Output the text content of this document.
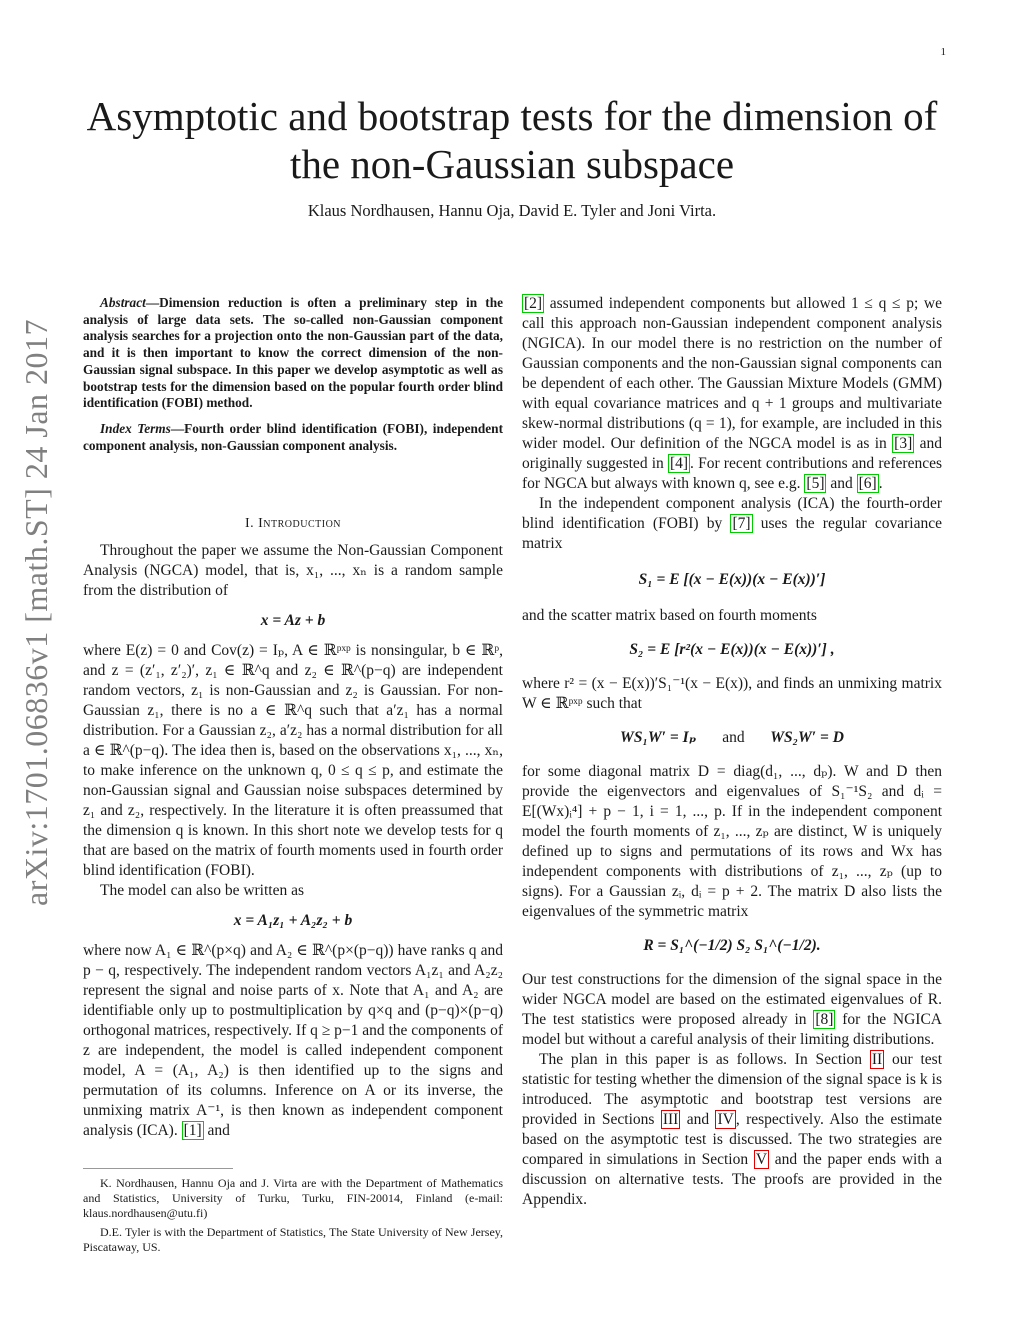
1
Asymptotic and bootstrap tests for the dimension of the non-Gaussian subspace
Klaus Nordhausen, Hannu Oja, David E. Tyler and Joni Virta.
arXiv:1701.06836v1 [math.ST] 24 Jan 2017

Abstract—Dimension reduction is often a preliminary step in the analysis of large data sets. The so-called non-Gaussian component analysis searches for a projection onto the non-Gaussian part of the data, and it is then important to know the correct dimension of the non-Gaussian signal subspace. In this paper we develop asymptotic as well as bootstrap tests for the dimension based on the popular fourth order blind identification (FOBI) method.

Index Terms—Fourth order blind identification (FOBI), independent component analysis, non-Gaussian component analysis.

I. Introduction

Throughout the paper we assume the Non-Gaussian Component Analysis (NGCA) model, that is, x₁, ..., xₙ is a random sample from the distribution of

x = Az + b

where E(z) = 0 and Cov(z) = Iₚ, A ∈ ℝᵖˣᵖ is nonsingular, b ∈ ℝᵖ, and z = (z′₁, z′₂)′, z₁ ∈ ℝ^q and z₂ ∈ ℝ^(p−q) are independent random vectors, z₁ is non-Gaussian and z₂ is Gaussian. For non-Gaussian z₁, there is no a ∈ ℝ^q such that a′z₁ has a normal distribution. For a Gaussian z₂, a′z₂ has a normal distribution for all a ∈ ℝ^(p−q). The idea then is, based on the observations x₁, ..., xₙ, to make inference on the unknown q, 0 ≤ q ≤ p, and estimate the non-Gaussian signal and Gaussian noise subspaces determined by z₁ and z₂, respectively. In the literature it is often preassumed that the dimension q is known. In this short note we develop tests for q that are based on the matrix of fourth moments used in fourth order blind identification (FOBI).

The model can also be written as

x = A₁z₁ + A₂z₂ + b

where now A₁ ∈ ℝ^(p×q) and A₂ ∈ ℝ^(p×(p−q)) have ranks q and p − q, respectively. The independent random vectors A₁z₁ and A₂z₂ represent the signal and noise parts of x. Note that A₁ and A₂ are identifiable only up to postmultiplication by q×q and (p−q)×(p−q) orthogonal matrices, respectively. If q ≥ p−1 and the components of z are independent, the model is called independent component model, A = (A₁, A₂) is then identified up to the signs and permutation of its columns. Inference on A or its inverse, the unmixing matrix A⁻¹, is then known as independent component analysis (ICA). [1] and

K. Nordhausen, Hannu Oja and J. Virta are with the Department of Mathematics and Statistics, University of Turku, Turku, FIN-20014, Finland (e-mail: klaus.nordhausen@utu.fi)

D.E. Tyler is with the Department of Statistics, The State University of New Jersey, Piscataway, US.

[2] assumed independent components but allowed 1 ≤ q ≤ p; we call this approach non-Gaussian independent component analysis (NGICA). In our model there is no restriction on the number of Gaussian components and the non-Gaussian signal components can be dependent of each other. The Gaussian Mixture Models (GMM) with equal covariance matrices and q + 1 groups and multivariate skew-normal distributions (q = 1), for example, are included in this wider model. Our definition of the NGCA model is as in [3] and originally suggested in [4] . For recent contributions and references for NGCA but always with known q, see e.g. [5] and [6] .

In the independent component analysis (ICA) the fourth-order blind identification (FOBI) by [7] uses the regular covariance matrix

S₁ = E [(x − E(x))(x − E(x))′]

and the scatter matrix based on fourth moments

S₂ = E [r²(x − E(x))(x − E(x))′] ,

where r² = (x − E(x))′S₁⁻¹(x − E(x)), and finds an unmixing matrix W ∈ ℝᵖˣᵖ such that

WS₁W′ = Iₚ and WS₂W′ = D

for some diagonal matrix D = diag(d₁, ..., dₚ). W and D then provide the eigenvectors and eigenvalues of S₁⁻¹S₂ and dᵢ = E[(Wx)ᵢ⁴] + p − 1, i = 1, ..., p. If in the independent component model the fourth moments of z₁, ..., zₚ are distinct, W is uniquely defined up to signs and permutations of its rows and Wx has independent components with distributions of z₁, ..., zₚ (up to signs). For a Gaussian zᵢ, dᵢ = p + 2. The matrix D also lists the eigenvalues of the symmetric matrix

R = S₁^(−1/2) S₂ S₁^(−1/2).

Our test constructions for the dimension of the signal space in the wider NGCA model are based on the estimated eigenvalues of R. The test statistics were proposed already in [8] for the NGICA model but without a careful analysis of their limiting distributions.

The plan in this paper is as follows. In Section II our test statistic for testing whether the dimension of the signal space is k is introduced. The asymptotic and bootstrap test versions are provided in Sections III and IV , respectively. Also the estimate based on the asymptotic test is discussed. The two strategies are compared in simulations in Section V and the paper ends with a discussion on alternative tests. The proofs are provided in the Appendix.
